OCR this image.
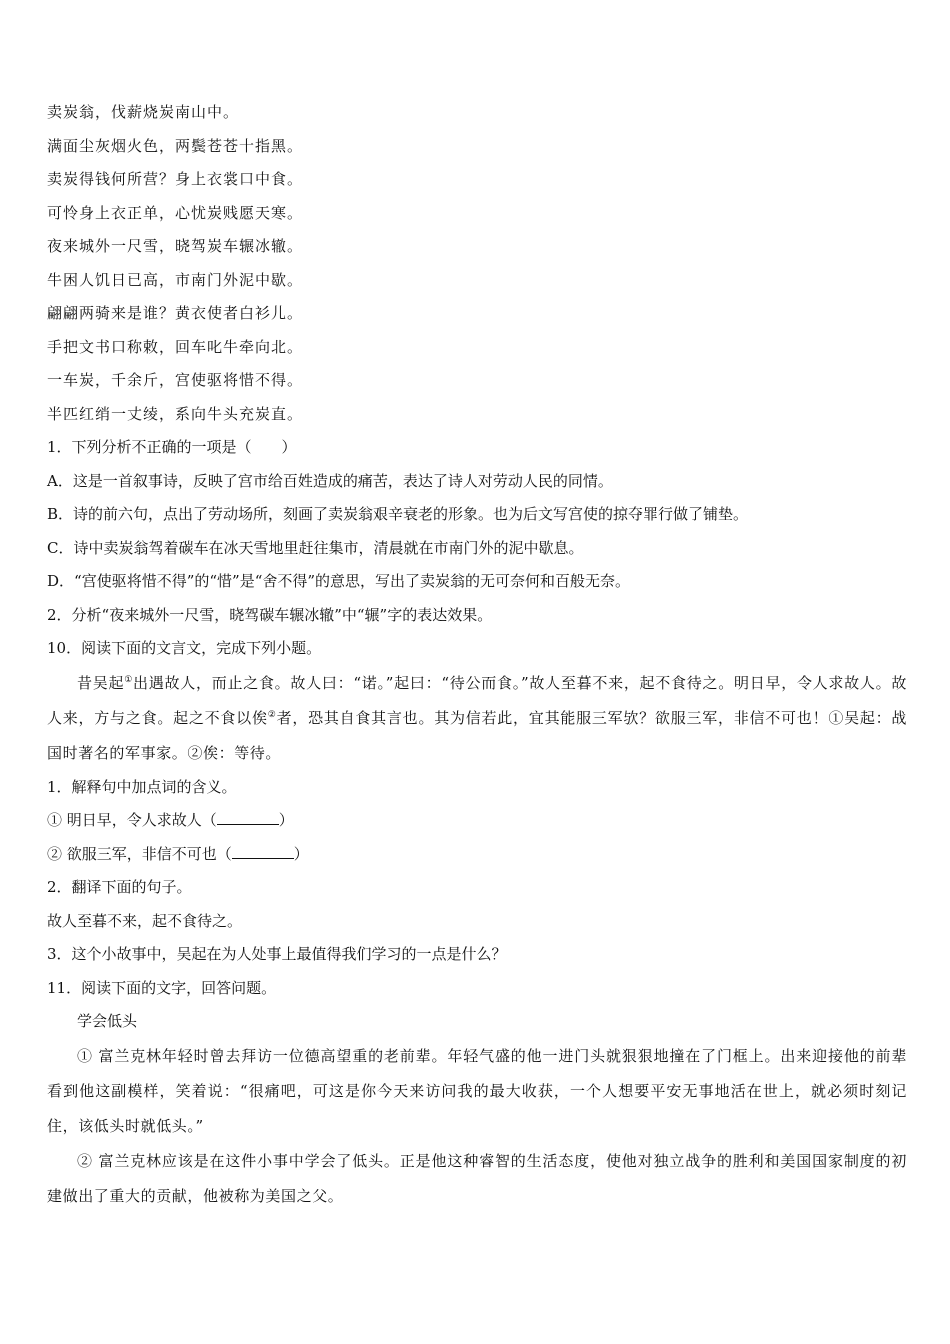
卖炭翁，伐薪烧炭南山中。
满面尘灰烟火色，两鬓苍苍十指黑。
卖炭得钱何所营？身上衣裳口中食。
可怜身上衣正单，心忧炭贱愿天寒。
夜来城外一尺雪，晓驾炭车辗冰辙。
牛困人饥日已高，市南门外泥中歇。
翩翩两骑来是谁？黄衣使者白衫儿。
手把文书口称敕，回车叱牛牵向北。
一车炭，千余斤，宫使驱将惜不得。
半匹红绡一丈绫，系向牛头充炭直。
1．下列分析不正确的一项是（　　）
A．这是一首叙事诗，反映了宫市给百姓造成的痛苦，表达了诗人对劳动人民的同情。
B．诗的前六句，点出了劳动场所，刻画了卖炭翁艰辛衰老的形象。也为后文写宫使的掠夺罪行做了铺垫。
C．诗中卖炭翁驾着碳车在冰天雪地里赶往集市，清晨就在市南门外的泥中歇息。
D．“宫使驱将惜不得”的“惜”是“舍不得”的意思，写出了卖炭翁的无可奈何和百般无奈。
2．分析“夜来城外一尺雪，晓驾碳车辗冰辙”中“辗”字的表达效果。
10．阅读下面的文言文，完成下列小题。
昔吴起①出遇故人，而止之食。故人曰：“诺。”起曰：“待公而食。”故人至暮不来，起不食待之。明日早，令人求故人。故人来，方与之食。起之不食以俟②者，恐其自食其言也。其为信若此，宜其能服三军欤？欲服三军，非信不可也！①吴起：战国时著名的军事家。②俟：等待。
1．解释句中加点词的含义。
① 明日早，令人求故人（	）
② 欲服三军，非信不可也（	）
2．翻译下面的句子。
故人至暮不来，起不食待之。
3．这个小故事中，吴起在为人处事上最值得我们学习的一点是什么？
11．阅读下面的文字，回答问题。
学会低头
① 富兰克林年轻时曾去拜访一位德高望重的老前辈。年轻气盛的他一进门头就狠狠地撞在了门框上。出来迎接他的前辈看到他这副模样，笑着说：“很痛吧，可这是你今天来访问我的最大收获，一个人想要平安无事地活在世上，就必须时刻记住，该低头时就低头。”
② 富兰克林应该是在这件小事中学会了低头。正是他这种睿智的生活态度，使他对独立战争的胜利和美国国家制度的初建做出了重大的贡献，他被称为美国之父。
